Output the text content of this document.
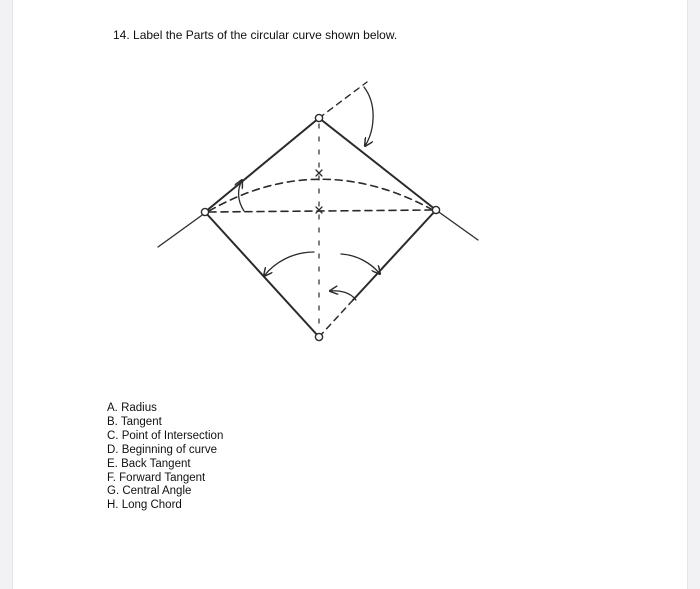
14. Label the Parts of the circular curve shown below.

A. Radius
B. Tangent
C. Point of Intersection
D. Beginning of curve
E. Back Tangent
F. Forward Tangent
G. Central Angle
H. Long Chord
